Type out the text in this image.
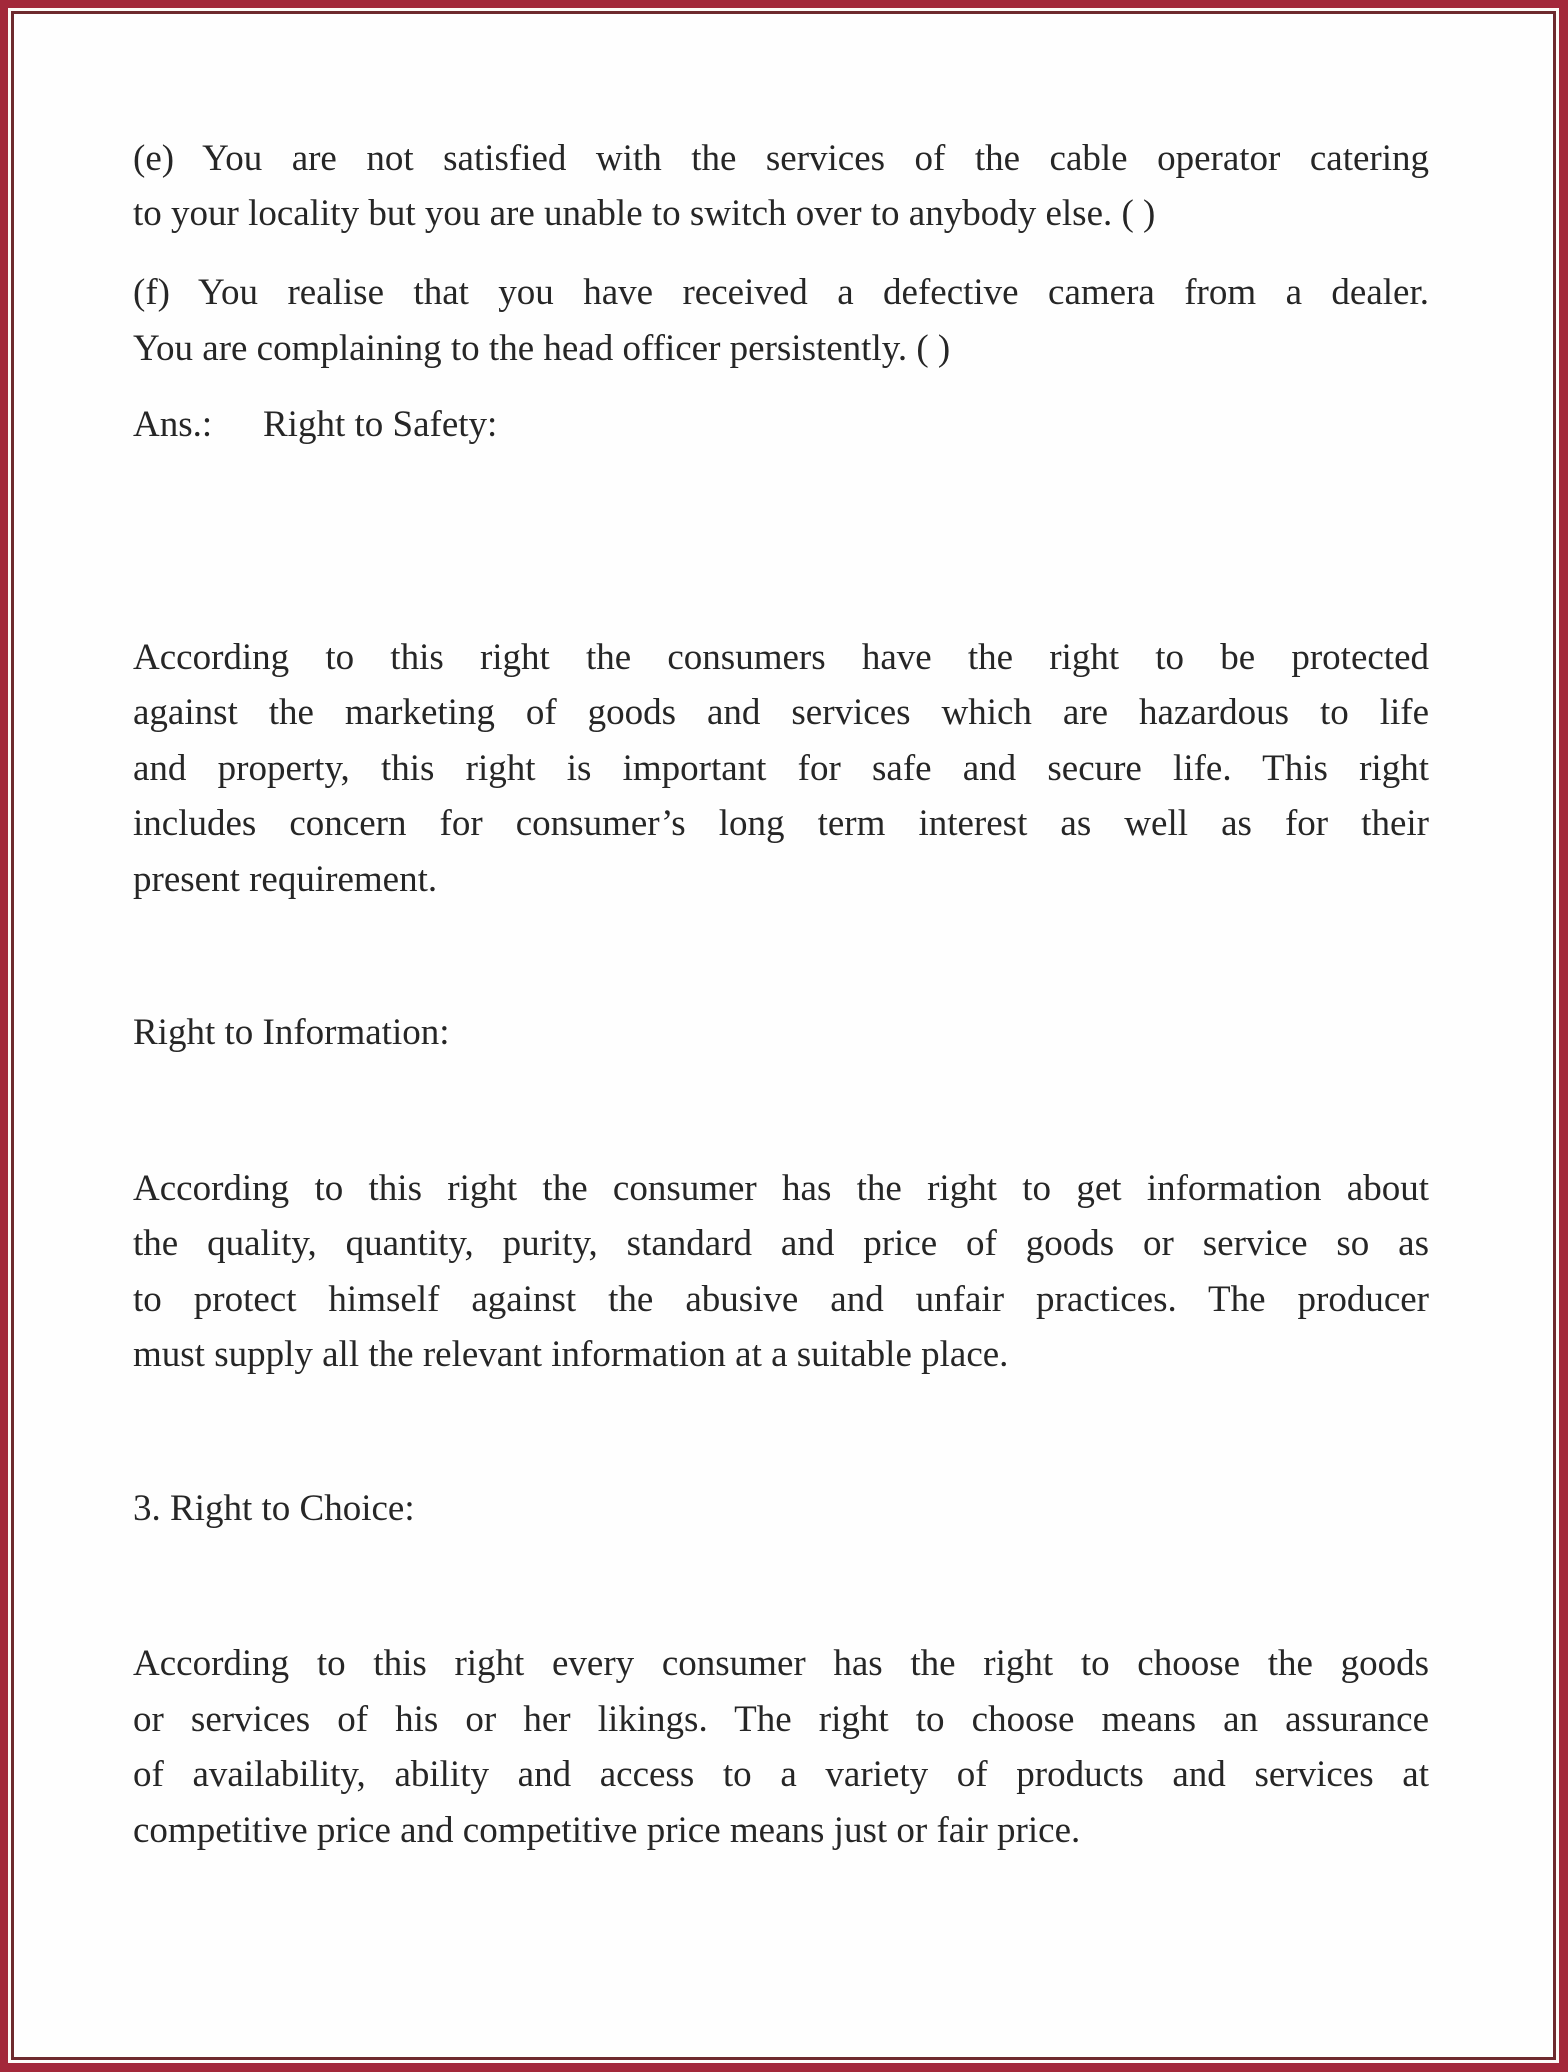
(e) You are not satisfied with the services of the cable operator catering
to your locality but you are unable to switch over to anybody else. ( )
(f) You realise that you have received a defective camera from a dealer.
You are complaining to the head officer persistently. ( )
Ans.: Right to Safety:
According to this right the consumers have the right to be protected
against the marketing of goods and services which are hazardous to life
and property, this right is important for safe and secure life. This right
includes concern for consumer’s long term interest as well as for their
present requirement.
Right to Information:
According to this right the consumer has the right to get information about
the quality, quantity, purity, standard and price of goods or service so as
to protect himself against the abusive and unfair practices. The producer
must supply all the relevant information at a suitable place.
3. Right to Choice:
According to this right every consumer has the right to choose the goods
or services of his or her likings. The right to choose means an assurance
of availability, ability and access to a variety of products and services at
competitive price and competitive price means just or fair price.
